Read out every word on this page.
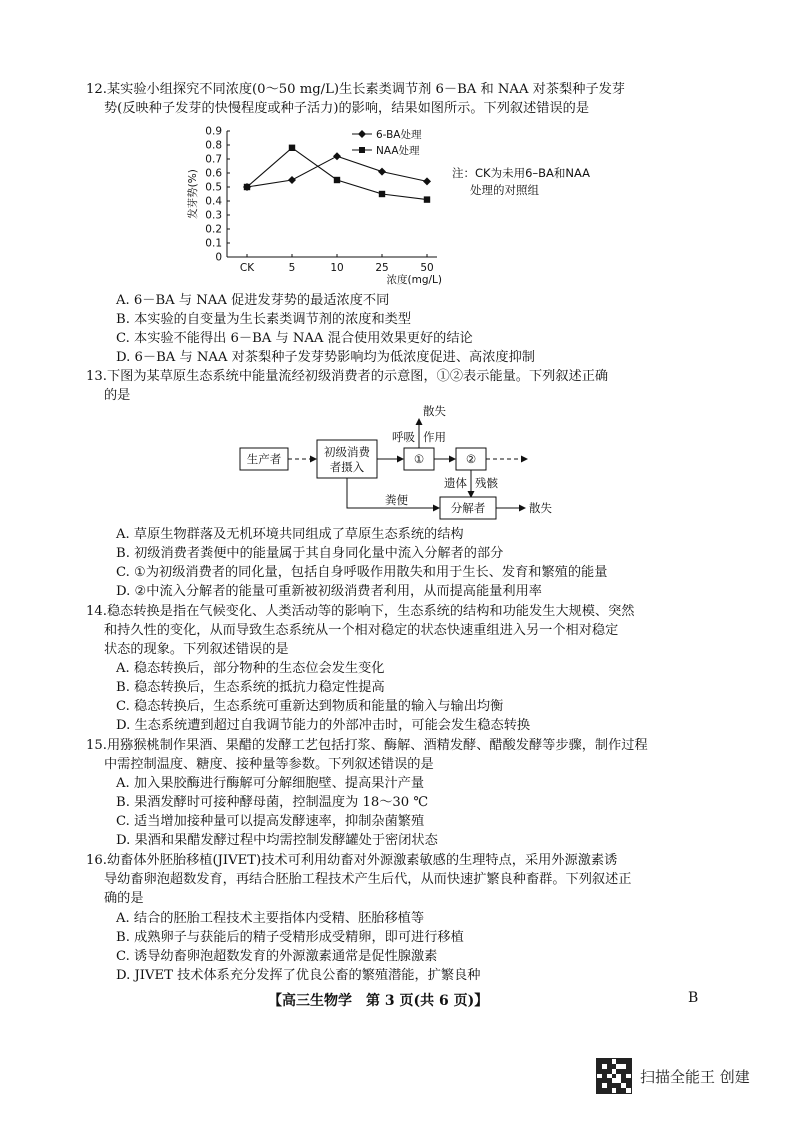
12.某实验小组探究不同浓度(0～50 mg/L)生长素类调节剂 6－BA 和 NAA 对茶梨种子发芽
势(反映种子发芽的快慢程度或种子活力)的影响，结果如图所示。下列叙述错误的是
0
0.1
0.2
0.3
0.4
0.5
0.6
0.7
0.8
0.9
CK	5	10	25	50
发芽势(%)
浓度(mg/L)
6-BA处理
NAA处理
注：CK为未用6–BA和NAA
处理的对照组
A. 6－BA 与 NAA 促进发芽势的最适浓度不同
B. 本实验的自变量为生长素类调节剂的浓度和类型
C. 本实验不能得出 6－BA 与 NAA 混合使用效果更好的结论
D. 6－BA 与 NAA 对茶梨种子发芽势影响均为低浓度促进、高浓度抑制
13.下图为某草原生态系统中能量流经初级消费者的示意图，①②表示能量。下列叙述正确
的是
生产者	初级消费
者摄入
①	②
散失
呼吸 作用
遗体 残骸
粪便
分解者	散失
A. 草原生物群落及无机环境共同组成了草原生态系统的结构
B. 初级消费者粪便中的能量属于其自身同化量中流入分解者的部分
C. ①为初级消费者的同化量，包括自身呼吸作用散失和用于生长、发育和繁殖的能量
D. ②中流入分解者的能量可重新被初级消费者利用，从而提高能量利用率
14.稳态转换是指在气候变化、人类活动等的影响下，生态系统的结构和功能发生大规模、突然
和持久性的变化，从而导致生态系统从一个相对稳定的状态快速重组进入另一个相对稳定
状态的现象。下列叙述错误的是
A. 稳态转换后，部分物种的生态位会发生变化
B. 稳态转换后，生态系统的抵抗力稳定性提高
C. 稳态转换后，生态系统可重新达到物质和能量的输入与输出均衡
D. 生态系统遭到超过自我调节能力的外部冲击时，可能会发生稳态转换
15.用猕猴桃制作果酒、果醋的发酵工艺包括打浆、酶解、酒精发酵、醋酸发酵等步骤，制作过程
中需控制温度、糖度、接种量等参数。下列叙述错误的是
A. 加入果胶酶进行酶解可分解细胞壁、提高果汁产量
B. 果酒发酵时可接种酵母菌，控制温度为 18～30 ℃
C. 适当增加接种量可以提高发酵速率，抑制杂菌繁殖
D. 果酒和果醋发酵过程中均需控制发酵罐处于密闭状态
16.幼畜体外胚胎移植(JIVET)技术可利用幼畜对外源激素敏感的生理特点，采用外源激素诱
导幼畜卵泡超数发育，再结合胚胎工程技术产生后代，从而快速扩繁良种畜群。下列叙述正
确的是
A. 结合的胚胎工程技术主要指体内受精、胚胎移植等
B. 成熟卵子与获能后的精子受精形成受精卵，即可进行移植
C. 诱导幼畜卵泡超数发育的外源激素通常是促性腺激素
D. JIVET 技术体系充分发挥了优良公畜的繁殖潜能，扩繁良种
【高三生物学　第 3 页(共 6 页)】	B
扫描全能王 创建
